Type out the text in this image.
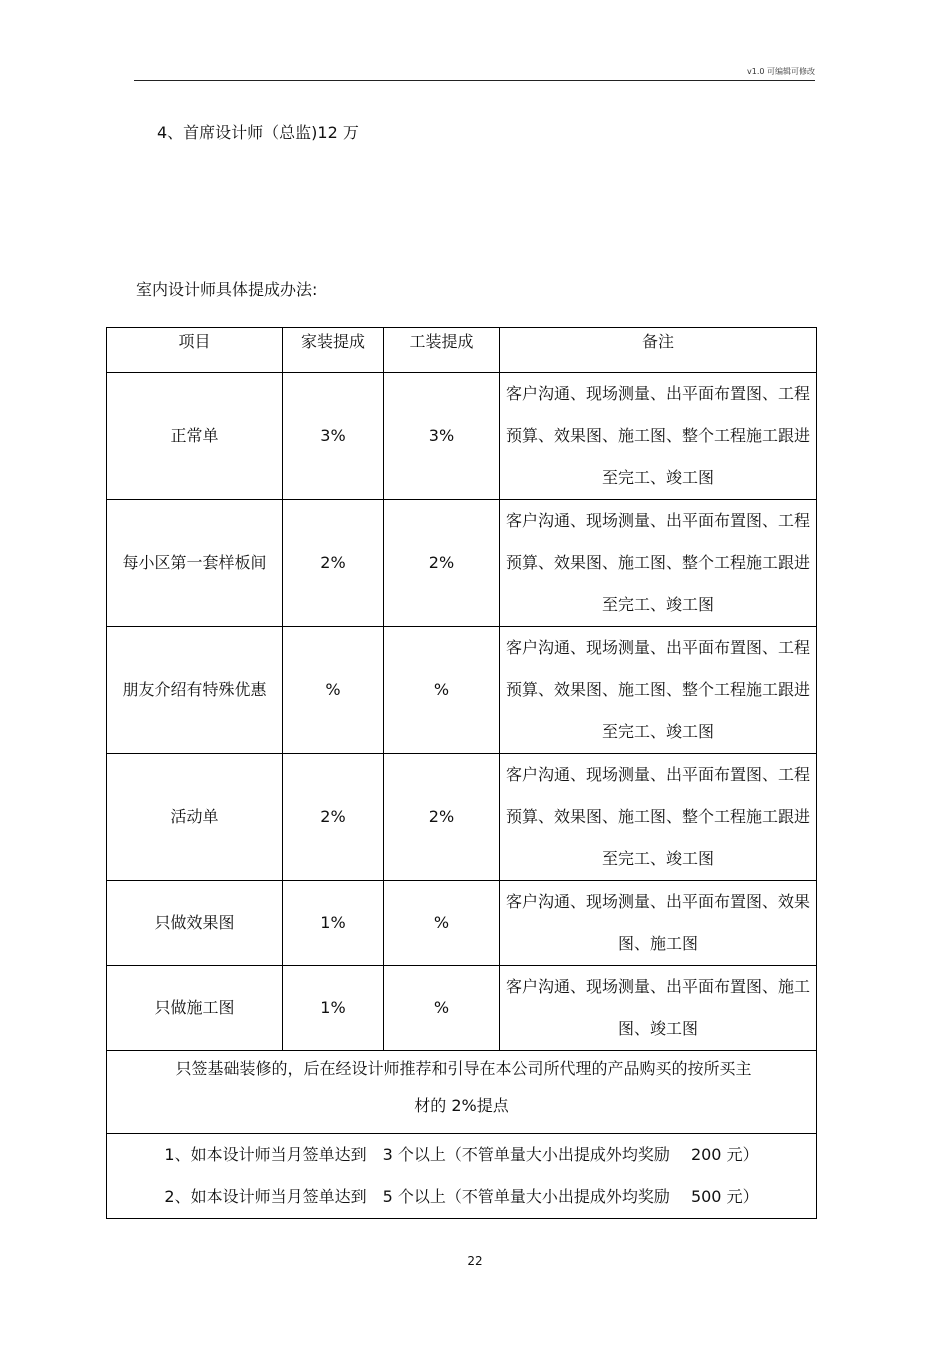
v1.0 可编辑可修改
4、首席设计师（总监)12 万
室内设计师具体提成办法:
项目	家装提成	工装提成	备注
正常单	3%	3%	客户沟通、现场测量、出平面布置图、工程预算、效果图、施工图、整个工程施工跟进至完工、竣工图
每小区第一套样板间	2%	2%	客户沟通、现场测量、出平面布置图、工程预算、效果图、施工图、整个工程施工跟进至完工、竣工图
朋友介绍有特殊优惠	%	%	客户沟通、现场测量、出平面布置图、工程预算、效果图、施工图、整个工程施工跟进至完工、竣工图
活动单	2%	2%	客户沟通、现场测量、出平面布置图、工程预算、效果图、施工图、整个工程施工跟进至完工、竣工图
只做效果图	1%	%	客户沟通、现场测量、出平面布置图、效果图、施工图
只做施工图	1%	%	客户沟通、现场测量、出平面布置图、施工图、竣工图

只签基础装修的，后在经设计师推荐和引导在本公司所代理的产品购买的按所买主
材的 2%提点			

1、如本设计师当月签单达到　3 个以上（不管单量大小出提成外均奖励　 200 元）
2、如本设计师当月签单达到　5 个以上（不管单量大小出提成外均奖励　 500 元）			
22
